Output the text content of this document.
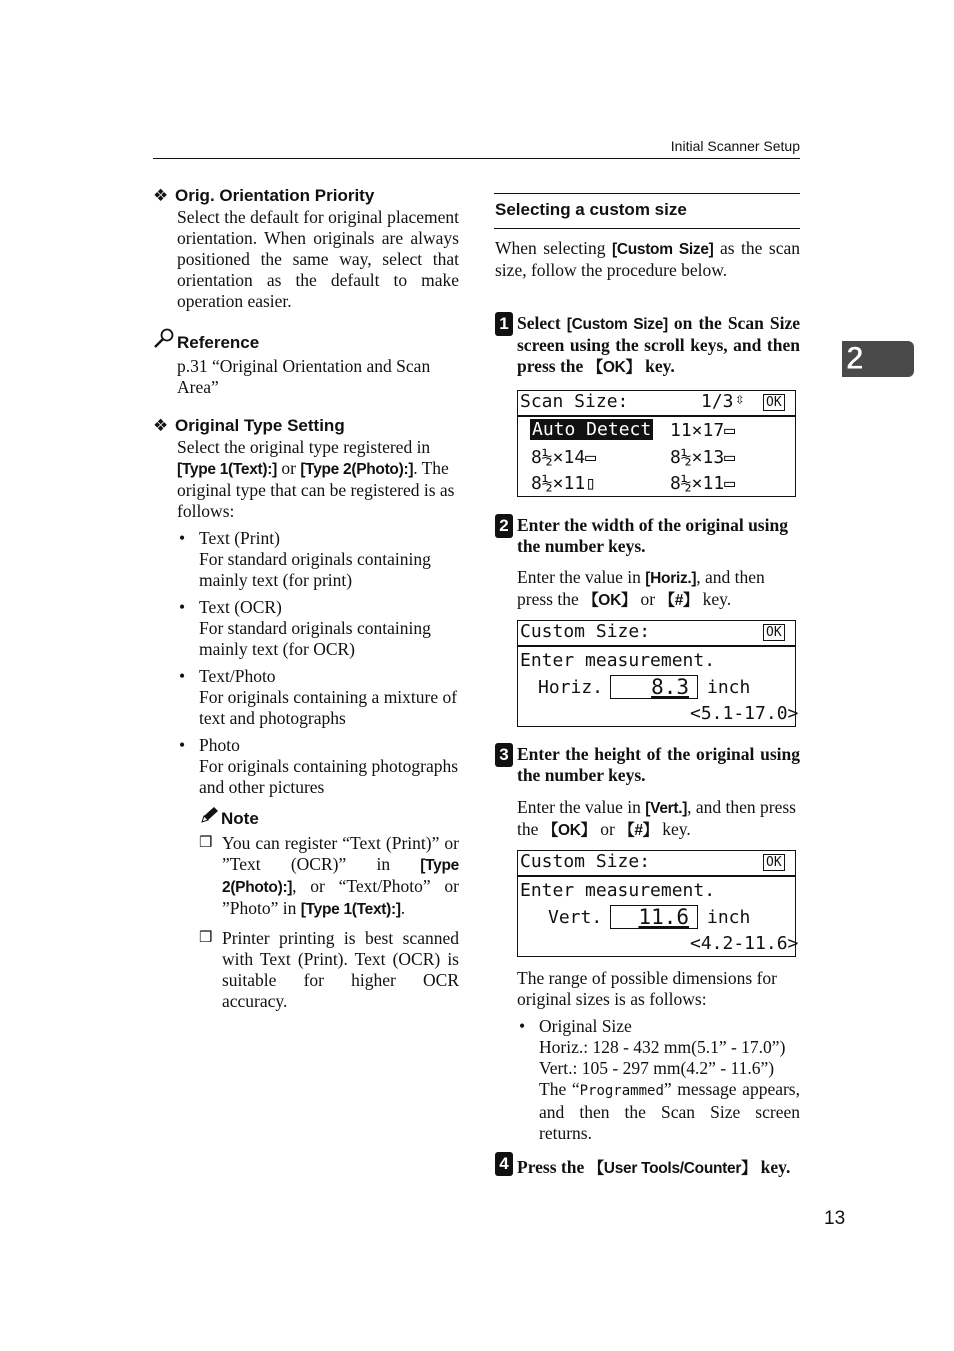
Initial Scanner Setup
2
13
❖ Orig. Orientation Priority
Select the default for original placement orientation. When originals are always positioned the same way, select that orientation as the default to make operation easier.
Reference
p.31 “Original Orientation and Scan Area”
❖ Original Type Setting
Select the original type registered in [Type 1(Text):] or [Type 2(Photo):]. The original type that can be registered is as follows:
• Text (Print)
For standard originals containing mainly text (for print)
• Text (OCR)
For standard originals containing mainly text (for OCR)
• Text/Photo
For originals containing a mixture of text and photographs
• Photo
For originals containing photographs and other pictures
Note
❒ You can register “Text (Print)” or ”Text (OCR)” in [Type 2(Photo):], or “Text/Photo” or ”Photo” in [Type 1(Text):].
❒ Printer printing is best scanned with Text (Print). Text (OCR) is suitable for higher OCR accuracy.
Selecting a custom size
When selecting [Custom Size] as the scan size, follow the procedure below.
1 Select [Custom Size] on the Scan Size screen using the scroll keys, and then press the 【OK】 key.
Scan Size:	1/3 ⇳ OK
Auto Detect 11×17▭
8½×14▭	8½×13▭
8½×11▯	8½×11▭
2 Enter the width of the original using the number keys.
Enter the value in [Horiz.], and then press the 【OK】 or 【#】 key.
Custom Size:	OK
Enter measurement.
Horiz.	8.3	inch
<5.1-17.0>
3 Enter the height of the original using the number keys.
Enter the value in [Vert.], and then press the 【OK】 or 【#】 key.
Custom Size:	OK
Enter measurement.
Vert.	11.6	inch
<4.2-11.6>
The range of possible dimensions for original sizes is as follows:
• Original Size
Horiz.: 128 - 432 mm(5.1” - 17.0”)
Vert.: 105 - 297 mm(4.2” - 11.6”)
The “Programmed” message appears, and then the Scan Size screen returns.
4 Press the 【User Tools/Counter】 key.
